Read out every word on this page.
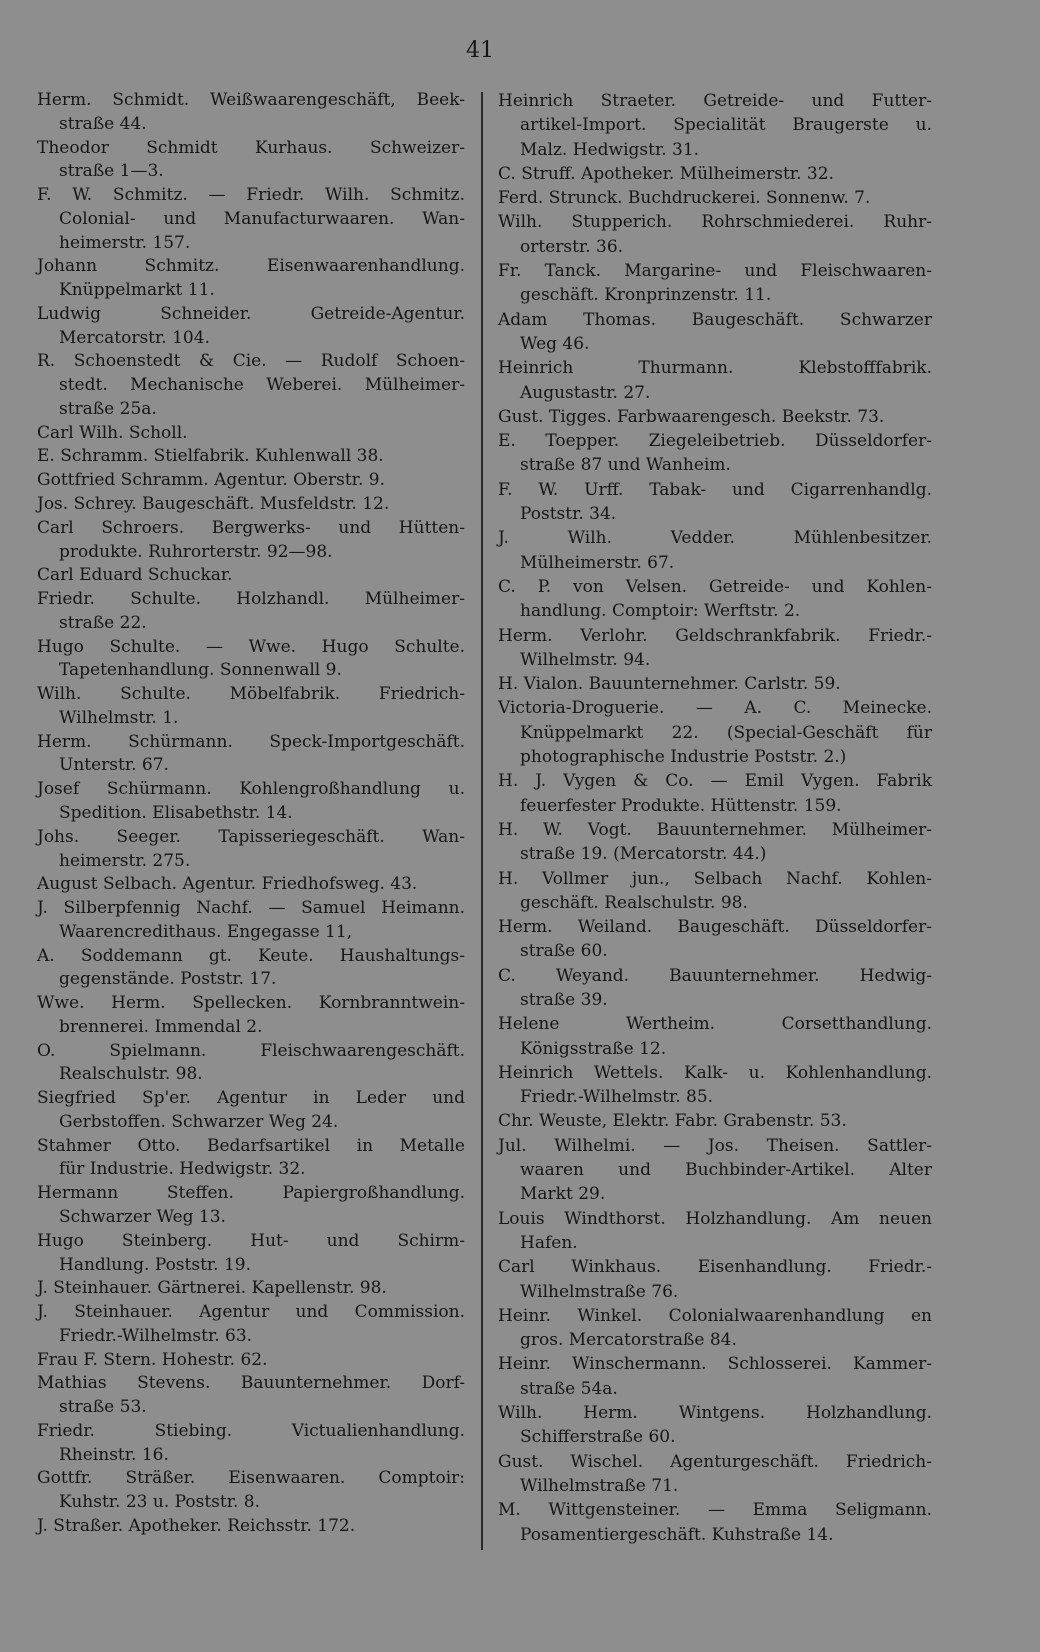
41
Herm. Schmidt. Weißwaarengeschäft, Beek-
straße 44.
Theodor Schmidt Kurhaus. Schweizer-
straße 1—3.
F. W. Schmitz. — Friedr. Wilh. Schmitz.
Colonial- und Manufacturwaaren. Wan-
heimerstr. 157.
Johann Schmitz. Eisenwaarenhandlung.
Knüppelmarkt 11.
Ludwig Schneider. Getreide-Agentur.
Mercatorstr. 104.
R. Schoenstedt & Cie. — Rudolf Schoen-
stedt. Mechanische Weberei. Mülheimer-
straße 25a.
Carl Wilh. Scholl.
E. Schramm. Stielfabrik. Kuhlenwall 38.
Gottfried Schramm. Agentur. Oberstr. 9.
Jos. Schrey. Baugeschäft. Musfeldstr. 12.
Carl Schroers. Bergwerks- und Hütten-
produkte. Ruhrorterstr. 92—98.
Carl Eduard Schuckar.
Friedr. Schulte. Holzhandl. Mülheimer-
straße 22.
Hugo Schulte. — Wwe. Hugo Schulte.
Tapetenhandlung. Sonnenwall 9.
Wilh. Schulte. Möbelfabrik. Friedrich-
Wilhelmstr. 1.
Herm. Schürmann. Speck-Importgeschäft.
Unterstr. 67.
Josef Schürmann. Kohlengroßhandlung u.
Spedition. Elisabethstr. 14.
Johs. Seeger. Tapisseriegeschäft. Wan-
heimerstr. 275.
August Selbach. Agentur. Friedhofsweg. 43.
J. Silberpfennig Nachf. — Samuel Heimann.
Waarencredithaus. Engegasse 11,
A. Soddemann gt. Keute. Haushaltungs-
gegenstände. Poststr. 17.
Wwe. Herm. Spellecken. Kornbranntwein-
brennerei. Immendal 2.
O. Spielmann. Fleischwaarengeschäft.
Realschulstr. 98.
Siegfried Sp'er. Agentur in Leder und
Gerbstoffen. Schwarzer Weg 24.
Stahmer Otto. Bedarfsartikel in Metalle
für Industrie. Hedwigstr. 32.
Hermann Steffen. Papiergroßhandlung.
Schwarzer Weg 13.
Hugo Steinberg. Hut- und Schirm-
Handlung. Poststr. 19.
J. Steinhauer. Gärtnerei. Kapellenstr. 98.
J. Steinhauer. Agentur und Commission.
Friedr.-Wilhelmstr. 63.
Frau F. Stern. Hohestr. 62.
Mathias Stevens. Bauunternehmer. Dorf-
straße 53.
Friedr. Stiebing. Victualienhandlung.
Rheinstr. 16.
Gottfr. Sträßer. Eisenwaaren. Comptoir:
Kuhstr. 23 u. Poststr. 8.
J. Straßer. Apotheker. Reichsstr. 172.
Heinrich Straeter. Getreide- und Futter-
artikel-Import. Specialität Braugerste u.
Malz. Hedwigstr. 31.
C. Struff. Apotheker. Mülheimerstr. 32.
Ferd. Strunck. Buchdruckerei. Sonnenw. 7.
Wilh. Stupperich. Rohrschmiederei. Ruhr-
orterstr. 36.
Fr. Tanck. Margarine- und Fleischwaaren-
geschäft. Kronprinzenstr. 11.
Adam Thomas. Baugeschäft. Schwarzer
Weg 46.
Heinrich Thurmann. Klebstofffabrik.
Augustastr. 27.
Gust. Tigges. Farbwaarengesch. Beekstr. 73.
E. Toepper. Ziegeleibetrieb. Düsseldorfer-
straße 87 und Wanheim.
F. W. Urff. Tabak- und Cigarrenhandlg.
Poststr. 34.
J. Wilh. Vedder. Mühlenbesitzer.
Mülheimerstr. 67.
C. P. von Velsen. Getreide- und Kohlen-
handlung. Comptoir: Werftstr. 2.
Herm. Verlohr. Geldschrankfabrik. Friedr.-
Wilhelmstr. 94.
H. Vialon. Bauunternehmer. Carlstr. 59.
Victoria-Droguerie. — A. C. Meinecke.
Knüppelmarkt 22. (Special-Geschäft für
photographische Industrie Poststr. 2.)
H. J. Vygen & Co. — Emil Vygen. Fabrik
feuerfester Produkte. Hüttenstr. 159.
H. W. Vogt. Bauunternehmer. Mülheimer-
straße 19. (Mercatorstr. 44.)
H. Vollmer jun., Selbach Nachf. Kohlen-
geschäft. Realschulstr. 98.
Herm. Weiland. Baugeschäft. Düsseldorfer-
straße 60.
C. Weyand. Bauunternehmer. Hedwig-
straße 39.
Helene Wertheim. Corsetthandlung.
Königsstraße 12.
Heinrich Wettels. Kalk- u. Kohlenhandlung.
Friedr.-Wilhelmstr. 85.
Chr. Weuste, Elektr. Fabr. Grabenstr. 53.
Jul. Wilhelmi. — Jos. Theisen. Sattler-
waaren und Buchbinder-Artikel. Alter
Markt 29.
Louis Windthorst. Holzhandlung. Am neuen
Hafen.
Carl Winkhaus. Eisenhandlung. Friedr.-
Wilhelmstraße 76.
Heinr. Winkel. Colonialwaarenhandlung en
gros. Mercatorstraße 84.
Heinr. Winschermann. Schlosserei. Kammer-
straße 54a.
Wilh. Herm. Wintgens. Holzhandlung.
Schifferstraße 60.
Gust. Wischel. Agenturgeschäft. Friedrich-
Wilhelmstraße 71.
M. Wittgensteiner. — Emma Seligmann.
Posamentiergeschäft. Kuhstraße 14.
